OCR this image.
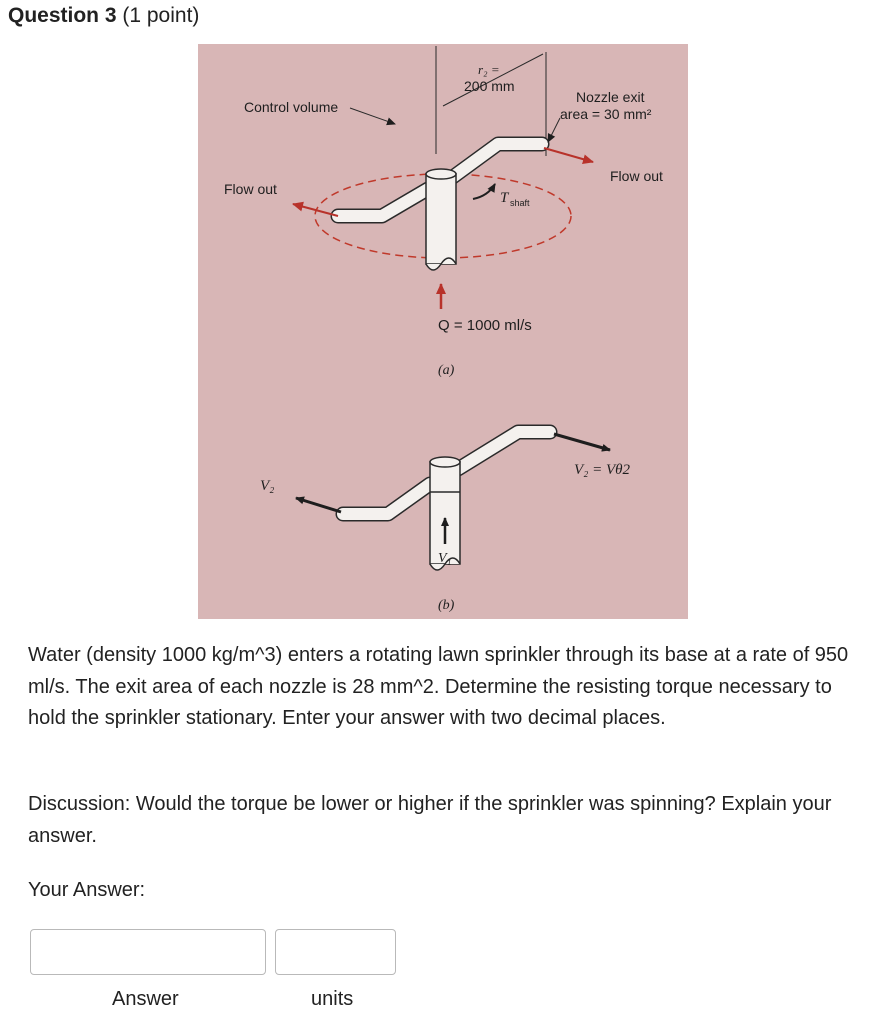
Question 3 (1 point)
r₂ =
200 mm
Control volume
Nozzle exit
area = 30 mm²
Flow out
Flow out
T shaft
Q = 1000 ml/s
(a)
V₂ = Vθ2
V₂
V₁
(b)
Water (density 1000 kg/m^3) enters a rotating lawn sprinkler through its base at a rate of 950 ml/s. The exit area of each nozzle is 28 mm^2. Determine the resisting torque necessary to hold the sprinkler stationary. Enter your answer with two decimal places.
Discussion: Would the torque be lower or higher if the sprinkler was spinning? Explain your answer.
Your Answer:
Answer	units
